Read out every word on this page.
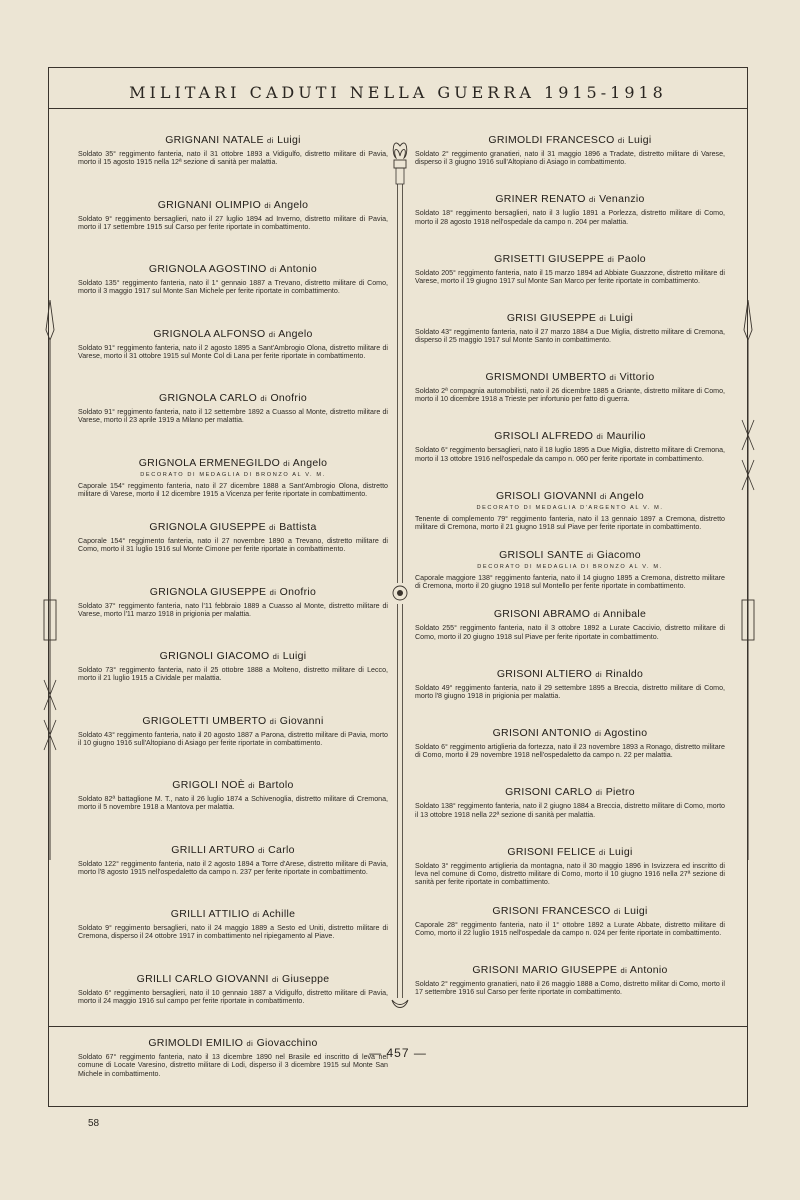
MILITARI CADUTI NELLA GUERRA 1915-1918

GRIGNANI NATALE di Luigi

Soldato 35° reggimento fanteria, nato il 31 ottobre 1893 a Vidigulfo, distretto militare di Pavia, morto il 15 agosto 1915 nella 12ª sezione di sanità per malattia.

GRIGNANI OLIMPIO di Angelo

Soldato 9° reggimento bersaglieri, nato il 27 luglio 1894 ad Inverno, distretto militare di Pavia, morto il 17 settembre 1915 sul Carso per ferite riportate in combattimento.

GRIGNOLA AGOSTINO di Antonio

Soldato 135° reggimento fanteria, nato il 1° gennaio 1887 a Trevano, distretto militare di Como, morto il 3 maggio 1917 sul Monte San Michele per ferite riportate in combattimento.

GRIGNOLA ALFONSO di Angelo

Soldato 91° reggimento fanteria, nato il 2 agosto 1895 a Sant'Ambrogio Olona, distretto militare di Varese, morto il 31 ottobre 1915 sul Monte Col di Lana per ferite riportate in combattimento.

GRIGNOLA CARLO di Onofrio

Soldato 91° reggimento fanteria, nato il 12 settembre 1892 a Cuasso al Monte, distretto militare di Varese, morto il 23 aprile 1919 a Milano per malattia.

GRIGNOLA ERMENEGILDO di Angelo

DECORATO DI MEDAGLIA DI BRONZO AL V. M.

Caporale 154° reggimento fanteria, nato il 27 dicembre 1888 a Sant'Ambrogio Olona, distretto militare di Varese, morto il 12 dicembre 1915 a Vicenza per ferite riportate in combattimento.

GRIGNOLA GIUSEPPE di Battista

Caporale 154° reggimento fanteria, nato il 27 novembre 1890 a Trevano, distretto militare di Como, morto il 31 luglio 1916 sul Monte Cimone per ferite riportate in combattimento.

GRIGNOLA GIUSEPPE di Onofrio

Soldato 37° reggimento fanteria, nato l'11 febbraio 1889 a Cuasso al Monte, distretto militare di Varese, morto l'11 marzo 1918 in prigionia per malattia.

GRIGNOLI GIACOMO di Luigi

Soldato 73° reggimento fanteria, nato il 25 ottobre 1888 a Molteno, distretto militare di Lecco, morto il 21 luglio 1915 a Cividale per malattia.

GRIGOLETTI UMBERTO di Giovanni

Soldato 43° reggimento fanteria, nato il 20 agosto 1887 a Parona, distretto militare di Pavia, morto il 10 giugno 1916 sull'Altopiano di Asiago per ferite riportate in combattimento.

GRIGOLI NOÈ di Bartolo

Soldato 82ª battaglione M. T., nato il 26 luglio 1874 a Schivenoglia, distretto militare di Cremona, morto il 5 novembre 1918 a Mantova per malattia.

GRILLI ARTURO di Carlo

Soldato 122° reggimento fanteria, nato il 2 agosto 1894 a Torre d'Arese, distretto militare di Pavia, morto l'8 agosto 1915 nell'ospedaletto da campo n. 237 per ferite riportate in combattimento.

GRILLI ATTILIO di Achille

Soldato 9° reggimento bersaglieri, nato il 24 maggio 1889 a Sesto ed Uniti, distretto militare di Cremona, disperso il 24 ottobre 1917 in combattimento nel ripiegamento al Piave.

GRILLI CARLO GIOVANNI di Giuseppe

Soldato 6° reggimento bersaglieri, nato il 10 gennaio 1887 a Vidigulfo, distretto militare di Pavia, morto il 24 maggio 1916 sul campo per ferite riportate in combattimento.

GRIMOLDI EMILIO di Giovacchino

Soldato 67° reggimento fanteria, nato il 13 dicembre 1890 nel Brasile ed inscritto di leva nel comune di Locate Varesino, distretto militare di Lodi, disperso il 3 dicembre 1915 sul Monte San Michele in combattimento.

GRIMOLDI FRANCESCO di Luigi

Soldato 2° reggimento granatieri, nato il 31 maggio 1896 a Tradate, distretto militare di Varese, disperso il 3 giugno 1916 sull'Altopiano di Asiago in combattimento.

GRINER RENATO di Venanzio

Soldato 18° reggimento bersaglieri, nato il 3 luglio 1891 a Porlezza, distretto militare di Como, morto il 28 agosto 1918 nell'ospedale da campo n. 204 per malattia.

GRISETTI GIUSEPPE di Paolo

Soldato 205° reggimento fanteria, nato il 15 marzo 1894 ad Abbiate Guazzone, distretto militare di Varese, morto il 19 giugno 1917 sul Monte San Marco per ferite riportate in combattimento.

GRISI GIUSEPPE di Luigi

Soldato 43° reggimento fanteria, nato il 27 marzo 1884 a Due Miglia, distretto militare di Cremona, disperso il 25 maggio 1917 sul Monte Santo in combattimento.

GRISMONDI UMBERTO di Vittorio

Soldato 2ª compagnia automobilisti, nato il 26 dicembre 1885 a Griante, distretto militare di Como, morto il 10 dicembre 1918 a Trieste per infortunio per fatto di guerra.

GRISOLI ALFREDO di Maurilio

Soldato 6° reggimento bersaglieri, nato il 18 luglio 1895 a Due Miglia, distretto militare di Cremona, morto il 13 ottobre 1916 nell'ospedale da campo n. 060 per ferite riportate in combattimento.

GRISOLI GIOVANNI di Angelo

DECORATO DI MEDAGLIA D'ARGENTO AL V. M.

Tenente di complemento 79° reggimento fanteria, nato il 13 gennaio 1897 a Cremona, distretto militare di Cremona, morto il 21 giugno 1918 sul Piave per ferite riportate in combattimento.

GRISOLI SANTE di Giacomo

DECORATO DI MEDAGLIA DI BRONZO AL V. M.

Caporale maggiore 138° reggimento fanteria, nato il 14 giugno 1895 a Cremona, distretto militare di Cremona, morto il 20 giugno 1918 sul Montello per ferite riportate in combattimento.

GRISONI ABRAMO di Annibale

Soldato 255° reggimento fanteria, nato il 3 ottobre 1892 a Lurate Caccivio, distretto militare di Como, morto il 20 giugno 1918 sul Piave per ferite riportate in combattimento.

GRISONI ALTIERO di Rinaldo

Soldato 49° reggimento fanteria, nato il 29 settembre 1895 a Breccia, distretto militare di Como, morto l'8 giugno 1918 in prigionia per malattia.

GRISONI ANTONIO di Agostino

Soldato 6° reggimento artiglieria da fortezza, nato il 23 novembre 1893 a Ronago, distretto militare di Como, morto il 29 novembre 1918 nell'ospedaletto da campo n. 22 per malattia.

GRISONI CARLO di Pietro

Soldato 138° reggimento fanteria, nato il 2 giugno 1884 a Breccia, distretto militare di Como, morto il 13 ottobre 1918 nella 22ª sezione di sanità per malattia.

GRISONI FELICE di Luigi

Soldato 3° reggimento artiglieria da montagna, nato il 30 maggio 1896 in Isvizzera ed inscritto di leva nel comune di Como, distretto militare di Como, morto il 10 giugno 1916 nella 27ª sezione di sanità per ferite riportate in combattimento.

GRISONI FRANCESCO di Luigi

Caporale 28° reggimento fanteria, nato il 1° ottobre 1892 a Lurate Abbate, distretto militare di Como, morto il 22 luglio 1915 nell'ospedale da campo n. 024 per ferite riportate in combattimento.

GRISONI MARIO GIUSEPPE di Antonio

Soldato 2° reggimento granatieri, nato il 26 maggio 1888 a Como, distretto militar di Como, morto il 17 settembre 1916 sul Carso per ferite riportate in combattimento.

— 457 —
58
